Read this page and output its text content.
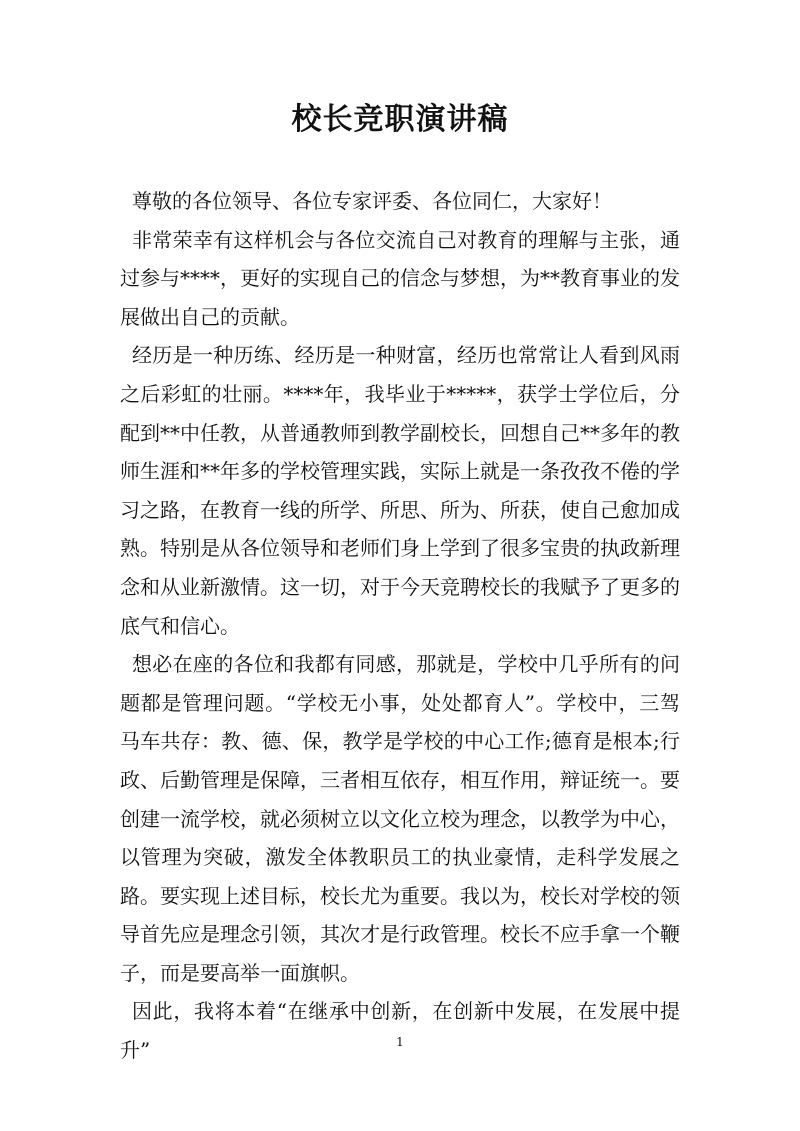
校长竞职演讲稿

尊敬的各位领导、各位专家评委、各位同仁，大家好！

非常荣幸有这样机会与各位交流自己对教育的理解与主张，通过参与****，更好的实现自己的信念与梦想，为**教育事业的发展做出自己的贡献。

经历是一种历练、经历是一种财富，经历也常常让人看到风雨之后彩虹的壮丽。****年，我毕业于*****，获学士学位后，分配到**中任教，从普通教师到教学副校长，回想自己**多年的教师生涯和**年多的学校管理实践，实际上就是一条孜孜不倦的学习之路，在教育一线的所学、所思、所为、所获，使自己愈加成熟。特别是从各位领导和老师们身上学到了很多宝贵的执政新理念和从业新激情。这一切，对于今天竞聘校长的我赋予了更多的底气和信心。

想必在座的各位和我都有同感，那就是，学校中几乎所有的问题都是管理问题。“学校无小事，处处都育人”。学校中，三驾马车共存：教、德、保，教学是学校的中心工作;德育是根本;行政、后勤管理是保障，三者相互依存，相互作用，辩证统一。要创建一流学校，就必须树立以文化立校为理念，以教学为中心，以管理为突破，激发全体教职员工的执业豪情，走科学发展之路。要实现上述目标，校长尤为重要。我以为，校长对学校的领导首先应是理念引领，其次才是行政管理。校长不应手拿一个鞭子，而是要高举一面旗帜。

因此，我将本着“在继承中创新，在创新中发展，在发展中提升”	1
